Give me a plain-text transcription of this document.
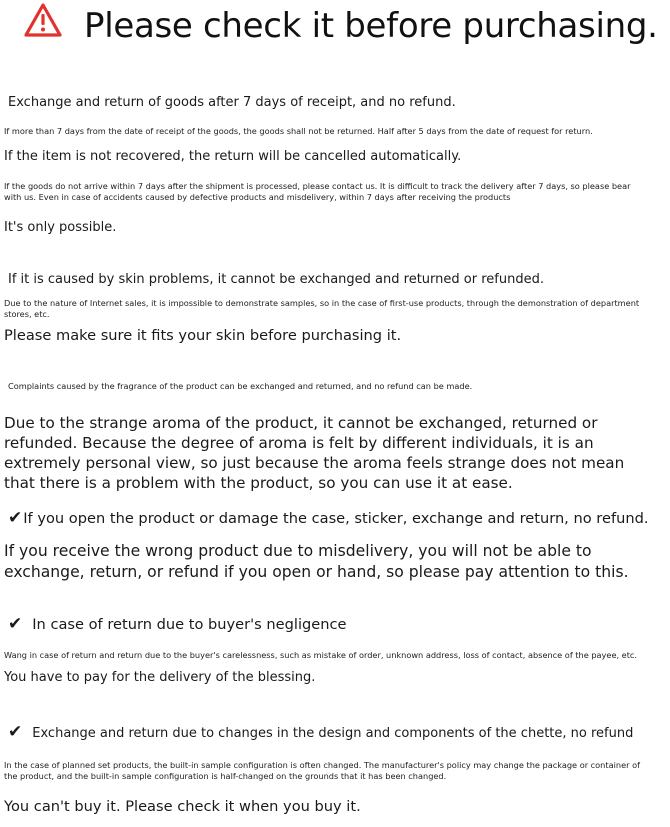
Please check it before purchasing.

Exchange and return of goods after 7 days of receipt, and no refund.

If more than 7 days from the date of receipt of the goods, the goods shall not be returned. Half after 5 days from the date of request for return.

If the item is not recovered, the return will be cancelled automatically.

If the goods do not arrive within 7 days after the shipment is processed, please contact us. It is difficult to track the delivery after 7 days, so please bear with us. Even in case of accidents caused by defective products and misdelivery, within 7 days after receiving the products

It's only possible.

If it is caused by skin problems, it cannot be exchanged and returned or refunded.

Due to the nature of Internet sales, it is impossible to demonstrate samples, so in the case of first-use products, through the demonstration of department stores, etc.

Please make sure it fits your skin before purchasing it.

Complaints caused by the fragrance of the product can be exchanged and returned, and no refund can be made.

Due to the strange aroma of the product, it cannot be exchanged, returned or refunded. Because the degree of aroma is felt by different individuals, it is an extremely personal view, so just because the aroma feels strange does not mean that there is a problem with the product, so you can use it at ease.

✔If you open the product or damage the case, sticker, exchange and return, no refund.

If you receive the wrong product due to misdelivery, you will not be able to exchange, return, or refund if you open or hand, so please pay attention to this.

✔ In case of return due to buyer's negligence

Wang in case of return and return due to the buyer's carelessness, such as mistake of order, unknown address, loss of contact, absence of the payee, etc.

You have to pay for the delivery of the blessing.

✔ Exchange and return due to changes in the design and components of the chette, no refund

In the case of planned set products, the built-in sample configuration is often changed. The manufacturer's policy may change the package or container of the product, and the built-in sample configuration is half-changed on the grounds that it has been changed.

You can't buy it. Please check it when you buy it.
